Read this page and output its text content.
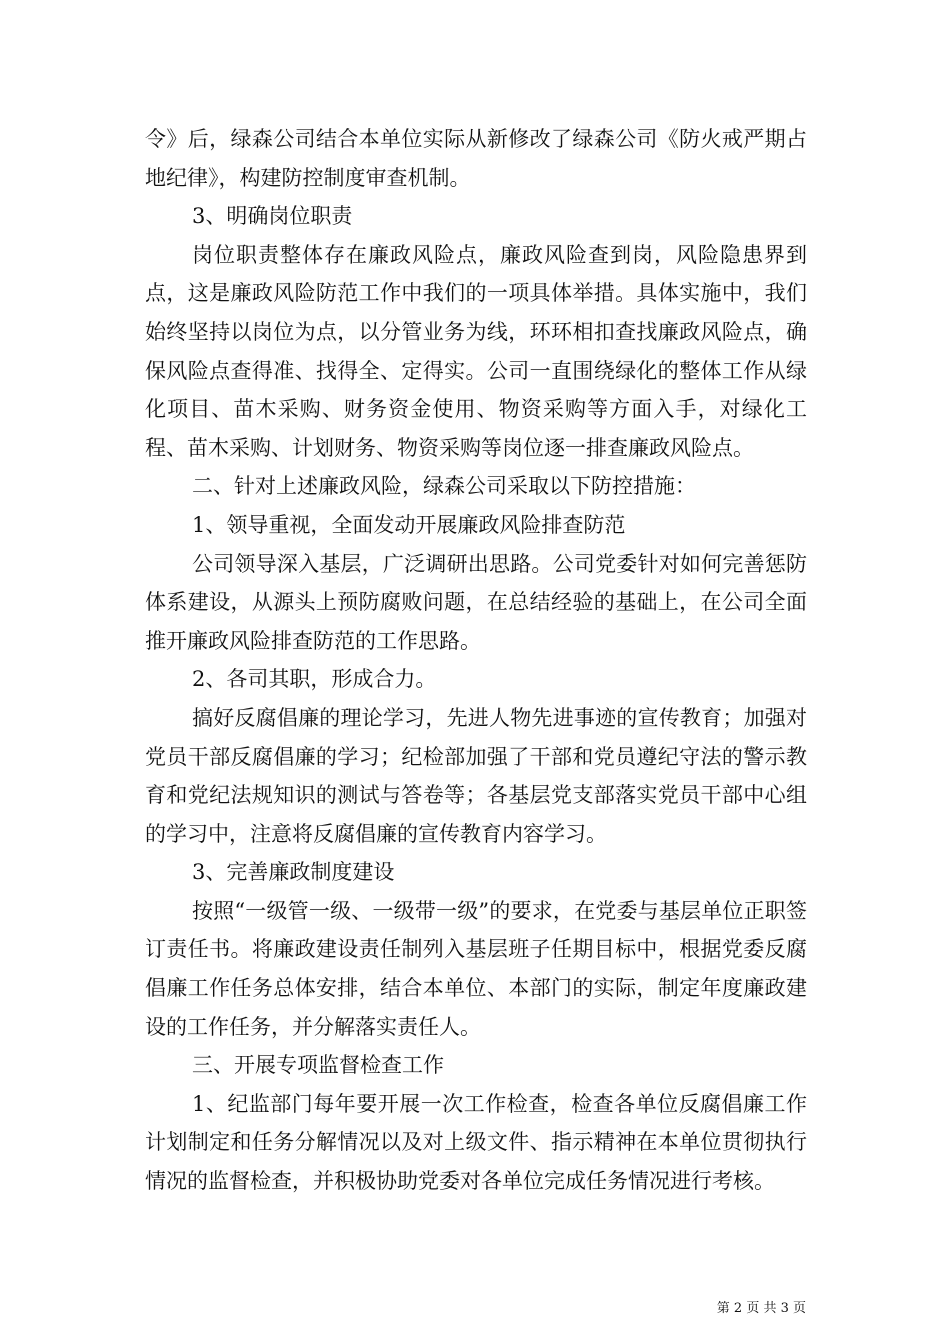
令》后，绿森公司结合本单位实际从新修改了绿森公司《防火戒严期占地纪律》，构建防控制度审查机制。

3、明确岗位职责

岗位职责整体存在廉政风险点，廉政风险查到岗，风险隐患界到点，这是廉政风险防范工作中我们的一项具体举措。具体实施中，我们始终坚持以岗位为点，以分管业务为线，环环相扣查找廉政风险点，确保风险点查得准、找得全、定得实。公司一直围绕绿化的整体工作从绿化项目、苗木采购、财务资金使用、物资采购等方面入手，对绿化工程、苗木采购、计划财务、物资采购等岗位逐一排查廉政风险点。

二、针对上述廉政风险，绿森公司采取以下防控措施：

1、领导重视，全面发动开展廉政风险排查防范

公司领导深入基层，广泛调研出思路。公司党委针对如何完善惩防体系建设，从源头上预防腐败问题，在总结经验的基础上，在公司全面推开廉政风险排查防范的工作思路。

2、各司其职，形成合力。

搞好反腐倡廉的理论学习，先进人物先进事迹的宣传教育；加强对党员干部反腐倡廉的学习；纪检部加强了干部和党员遵纪守法的警示教育和党纪法规知识的测试与答卷等；各基层党支部落实党员干部中心组的学习中，注意将反腐倡廉的宣传教育内容学习。

3、完善廉政制度建设

按照“一级管一级、一级带一级”的要求，在党委与基层单位正职签订责任书。将廉政建设责任制列入基层班子任期目标中，根据党委反腐倡廉工作任务总体安排，结合本单位、本部门的实际，制定年度廉政建设的工作任务，并分解落实责任人。

三、开展专项监督检查工作

1、纪监部门每年要开展一次工作检查，检查各单位反腐倡廉工作计划制定和任务分解情况以及对上级文件、指示精神在本单位贯彻执行情况的监督检查，并积极协助党委对各单位完成任务情况进行考核。

第 2 页 共 3 页
